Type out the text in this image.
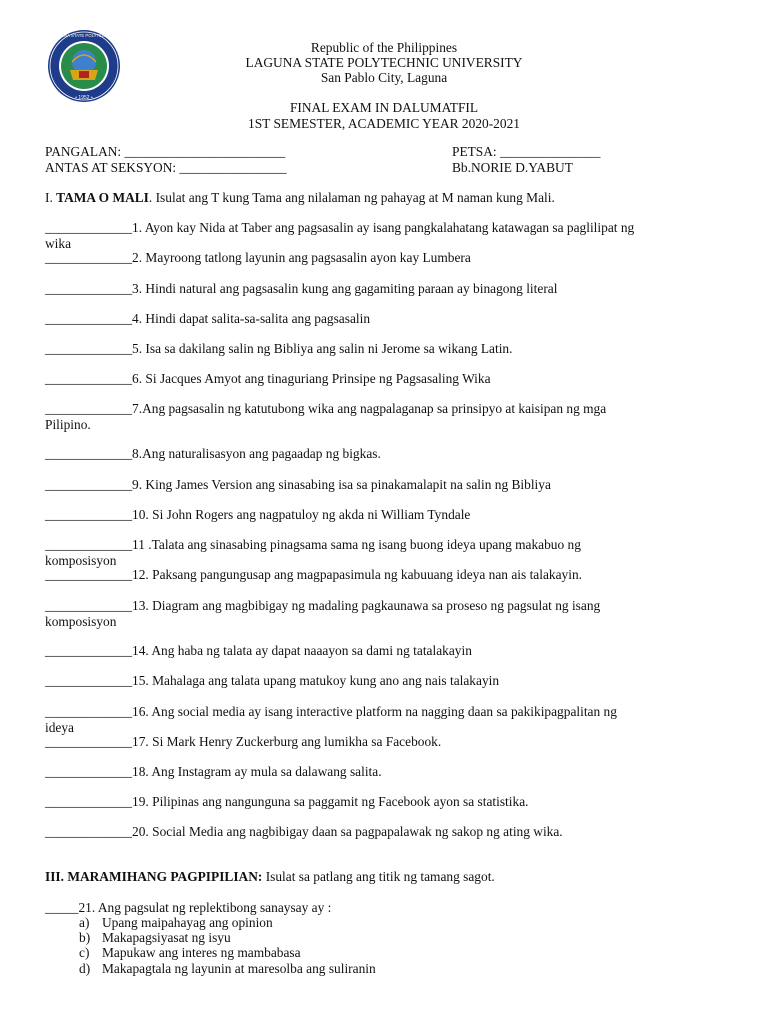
LAGUNA STATE POLYTECHNIC
• 1952 •
Republic of the Philippines
LAGUNA STATE POLYTECHNIC UNIVERSITY
San Pablo City, Laguna
FINAL EXAM IN DALUMATFIL
1ST SEMESTER, ACADEMIC YEAR 2020-2021
PANGALAN: ________________________	PETSA: _______________
ANTAS AT SEKSYON: ________________	Bb.NORIE D.YABUT
I. TAMA O MALI. Isulat ang T kung Tama ang nilalaman ng pahayag at M naman kung Mali.
_____________1. Ayon kay Nida at Taber ang pagsasalin ay isang pangkalahatang katawagan sa paglilipat ng
wika
_____________2. Mayroong tatlong layunin ang pagsasalin ayon kay Lumbera
_____________3. Hindi natural ang pagsasalin kung ang gagamiting paraan ay binagong literal
_____________4. Hindi dapat salita-sa-salita ang pagsasalin
_____________5. Isa sa dakilang salin ng Bibliya ang salin ni Jerome sa wikang Latin.
_____________6. Si Jacques Amyot ang tinaguriang Prinsipe ng Pagsasaling Wika
_____________7.Ang pagsasalin ng katutubong wika ang nagpalaganap sa prinsipyo at kaisipan ng mga
Pilipino.
_____________8.Ang naturalisasyon ang pagaadap ng bigkas.
_____________9. King James Version ang sinasabing isa sa pinakamalapit na salin ng Bibliya
_____________10. Si John Rogers ang nagpatuloy ng akda ni William Tyndale
_____________11 .Talata ang sinasabing pinagsama sama ng isang buong ideya upang makabuo ng
komposisyon
_____________12. Paksang pangungusap ang magpapasimula ng kabuuang ideya nan ais talakayin.
_____________13. Diagram ang magbibigay ng madaling pagkaunawa sa proseso ng pagsulat ng isang
komposisyon
_____________14. Ang haba ng talata ay dapat naaayon sa dami ng tatalakayin
_____________15. Mahalaga ang talata upang matukoy kung ano ang nais talakayin
_____________16. Ang social media ay isang interactive platform na nagging daan sa pakikipagpalitan ng
ideya
_____________17. Si Mark Henry Zuckerburg ang lumikha sa Facebook.
_____________18. Ang Instagram ay mula sa dalawang salita.
_____________19. Pilipinas ang nangunguna sa paggamit ng Facebook ayon sa statistika.
_____________20. Social Media ang nagbibigay daan sa pagpapalawak ng sakop ng ating wika.
III. MARAMIHANG PAGPIPILIAN: Isulat sa patlang ang titik ng tamang sagot.
_____21. Ang pagsulat ng replektibong sanaysay ay :
a) Upang maipahayag ang opinion
b) Makapagsiyasat ng isyu
c) Mapukaw ang interes ng mambabasa
d) Makapagtala ng layunin at maresolba ang suliranin
